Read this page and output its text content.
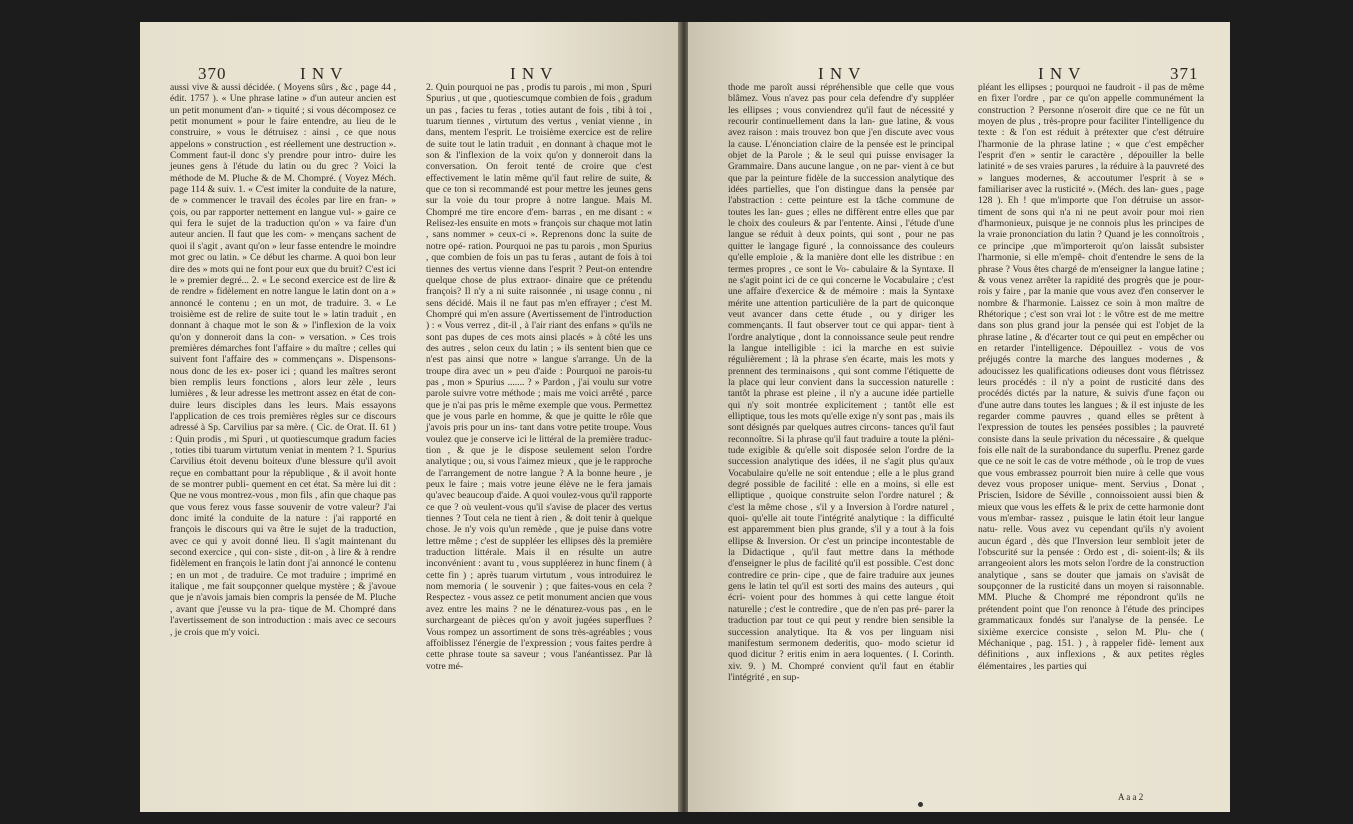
370	I N V	I N V

aussi vive & aussi décidée. ( Moyens sûrs , &c , page 44 , édit. 1757 ). « Une phrase latine » d'un auteur ancien est un petit monument d'an- » tiquité ; si vous décomposez ce petit monument » pour le faire entendre, au lieu de le construire, » vous le détruisez : ainsi , ce que nous appelons » construction , est réellement une destruction ». Comment faut-il donc s'y prendre pour intro- duire les jeunes gens à l'étude du latin ou du grec ? Voici la méthode de M. Pluche & de M. Chompré. ( Voyez Méch. page 114 & suiv. 1. « C'est imiter la conduite de la nature, de » commencer le travail des écoles par lire en fran- » çois, ou par rapporter nettement en langue vul- » gaire ce qui fera le sujet de la traduction qu'on » va faire d'un auteur ancien. Il faut que les com- » mençans sachent de quoi il s'agit , avant qu'on » leur fasse entendre le moindre mot grec ou latin. » Ce début les charme. A quoi bon leur dire des » mots qui ne font pour eux que du bruit? C'est ici le » premier degré... 2. « Le second exercice est de lire & de rendre » fidèlement en notre langue le latin dont on a » annoncé le contenu ; en un mot, de traduire. 3. « Le troisième est de relire de suite tout le » latin traduit , en donnant à chaque mot le son & » l'inflexion de la voix qu'on y donneroit dans la con- » versation. » Ces trois premières démarches font l'affaire » du maître ; celles qui suivent font l'affaire des » commençans ». Dispensons-nous donc de les ex- poser ici ; quand les maîtres seront bien remplis leurs fonctions , alors leur zèle , leurs lumières , & leur adresse les mettront assez en état de con- duire leurs disciples dans les leurs. Mais essayons l'application de ces trois premières règles sur ce discours adressé à Sp. Carvilius par sa mère. ( Cic. de Orat. II. 61 ) : Quin prodis , mi Spuri , ut quotiescumque gradum facies , toties tibi tuarum virtutum veniat in mentem ? 1. Spurius Carvilius étoit devenu boiteux d'une blessure qu'il avoit reçue en combattant pour la république , & il avoit honte de se montrer publi- quement en cet état. Sa mère lui dit : Que ne vous montrez-vous , mon fils , afin que chaque pas que vous ferez vous fasse souvenir de votre valeur? J'ai donc imité la conduite de la nature : j'ai rapporté en françois le discours qui va être le sujet de la traduction, avec ce qui y avoit donné lieu. Il s'agit maintenant du second exercice , qui con- siste , dit-on , à lire & à rendre fidèlement en françois le latin dont j'ai annoncé le contenu ; en un mot , de traduire. Ce mot traduire ; imprimé en italique , me fait soupçonner quelque mystère ; & j'avoue que je n'avois jamais bien compris la pensée de M. Pluche , avant que j'eusse vu la pra- tique de M. Chompré dans l'avertissement de son introduction : mais avec ce secours , je crois que m'y voici.

2. Quin pourquoi ne pas , prodis tu parois , mi mon , Spuri Spurius , ut que , quotiescumque combien de fois , gradum un pas , facies tu feras , toties autant de fois , tibi à toi , tuarum tiennes , virtutum des vertus , veniat vienne , in dans, mentem l'esprit. Le troisième exercice est de relire de suite tout le latin traduit , en donnant à chaque mot le son & l'inflexion de la voix qu'on y donneroit dans la conversation. On feroit tenté de croire que c'est effectivement le latin même qu'il faut relire de suite, & que ce ton si recommandé est pour mettre les jeunes gens sur la voie du tour propre à notre langue. Mais M. Chompré me tire encore d'em- barras , en me disant : « Relisez-les ensuite en mots » françois sur chaque mot latin , sans nommer » ceux-ci ». Reprenons donc la suite de notre opé- ration. Pourquoi ne pas tu parois , mon Spurius , que combien de fois un pas tu feras , autant de fois à toi tiennes des vertus vienne dans l'esprit ? Peut-on entendre quelque chose de plus extraor- dinaire que ce prétendu françois? Il n'y a ni suite raisonnée , ni usage connu , ni sens décidé. Mais il ne faut pas m'en effrayer ; c'est M. Chompré qui m'en assure (Avertissement de l'introduction ) : « Vous verrez , dit-il , à l'air riant des enfans » qu'ils ne sont pas dupes de ces mots ainsi placés » à côté les uns des autres , selon ceux du latin ; » ils sentent bien que ce n'est pas ainsi que notre » langue s'arrange. Un de la troupe dira avec un » peu d'aide : Pourquoi ne parois-tu pas , mon » Spurius ....... ? » Pardon , j'ai voulu sur votre parole suivre votre méthode ; mais me voici arrêté , parce que je n'ai pas pris le même exemple que vous. Permettez que je vous parle en homme, & que je quitte le rôle que j'avois pris pour un ins- tant dans votre petite troupe. Vous voulez que je conserve ici le littéral de la première traduc- tion , & que je le dispose seulement selon l'ordre analytique ; ou, si vous l'aimez mieux , que je le rapproche de l'arrangement de notre langue ? A la bonne heure , je peux le faire ; mais votre jeune élève ne le fera jamais qu'avec beaucoup d'aide. A quoi voulez-vous qu'il rapporte ce que ? où veulent-vous qu'il s'avise de placer des vertus tiennes ? Tout cela ne tient à rien , & doit tenir à quelque chose. Je n'y vois qu'un remède , que je puise dans votre lettre même ; c'est de suppléer les ellipses dès la première traduction littérale. Mais il en résulte un autre inconvénient : avant tu , vous suppléerez in hunc finem ( à cette fin ) ; après tuarum virtutum , vous introduirez le nom memoria ( le souvenir ) ; que faites-vous en cela ? Respectez - vous assez ce petit monument ancien que vous avez entre les mains ? ne le dénaturez-vous pas , en le surchargeant de pièces qu'on y avoit jugées superflues ? Vous rompez un assortiment de sons très-agréables ; vous affoiblissez l'énergie de l'expression ; vous faites perdre à cette phrase toute sa saveur ; vous l'anéantissez. Par là votre mé-

I N V	I N V	371

thode me paroît aussi répréhensible que celle que vous blâmez. Vous n'avez pas pour cela defendre d'y suppléer les ellipses ; vous conviendrez qu'il faut de nécessité y recourir continuellement dans la lan- gue latine, & vous avez raison : mais trouvez bon que j'en discute avec vous la cause. L'énonciation claire de la pensée est le principal objet de la Parole ; & le seul qui puisse envisager la Grammaire. Dans aucune langue , on ne par- vient à ce but que par la peinture fidèle de la succession analytique des idées partielles, que l'on distingue dans la pensée par l'abstraction : cette peinture est la tâche commune de toutes les lan- gues ; elles ne diffèrent entre elles que par le choix des couleurs & par l'entente. Ainsi , l'étude d'une langue se réduit à deux points, qui sont , pour ne pas quitter le langage figuré , la connoissance des couleurs qu'elle emploie , & la manière dont elle les distribue : en termes propres , ce sont le Vo- cabulaire & la Syntaxe. Il ne s'agit point ici de ce qui concerne le Vocabulaire ; c'est une affaire d'exercice & de mémoire : mais la Syntaxe mérite une attention particulière de la part de quiconque veut avancer dans cette étude , ou y diriger les commençants. Il faut observer tout ce qui appar- tient à l'ordre analytique , dont la connoissance seule peut rendre la langue intelligible : ici la marche en est suivie régulièrement ; là la phrase s'en écarte, mais les mots y prennent des terminaisons , qui sont comme l'étiquette de la place qui leur convient dans la succession naturelle : tantôt la phrase est pleine , il n'y a aucune idée partielle qui n'y soit montrée explicitement ; tantôt elle est elliptique, tous les mots qu'elle exige n'y sont pas , mais ils sont désignés par quelques autres circons- tances qu'il faut reconnoître. Si la phrase qu'il faut traduire a toute la pléni- tude exigible & qu'elle soit disposée selon l'ordre de la succession analytique des idées, il ne s'agit plus qu'aux Vocabulaire qu'elle ne soit entendue ; elle a le plus grand degré possible de facilité : elle en a moins, si elle est elliptique , quoique construite selon l'ordre naturel ; & c'est la même chose , s'il y a Inversion à l'ordre naturel , quoi- qu'elle ait toute l'intégrité analytique : la difficulté est apparemment bien plus grande, s'il y a tout à la fois ellipse & Inversion. Or c'est un principe incontestable de la Didactique , qu'il faut mettre dans la méthode d'enseigner le plus de facilité qu'il est possible. C'est donc contredire ce prin- cipe , que de faire traduire aux jeunes gens le latin tel qu'il est sorti des mains des auteurs , qui écri- voient pour des hommes à qui cette langue étoit naturelle ; c'est le contredire , que de n'en pas pré- parer la traduction par tout ce qui peut y rendre bien sensible la succession analytique. Ita & vos per linguam nisi manifestum sermonem dederitis, quo- modo scietur id quod dicitur ? eritis enim in aera loquentes. ( I. Corinth. xiv. 9. ) M. Chompré convient qu'il faut en établir l'intégrité , en sup-

pléant les ellipses ; pourquoi ne faudroit - il pas de même en fixer l'ordre , par ce qu'on appelle communément la construction ? Personne n'oseroit dire que ce ne fût un moyen de plus , très-propre pour faciliter l'intelligence du texte : & l'on est réduit à prétexter que c'est détruire l'harmonie de la phrase latine ; « que c'est empêcher l'esprit d'en » sentir le caractère , dépouiller la belle latinité » de ses vraies parures , la réduire à la pauvreté des » langues modernes, & accoutumer l'esprit à se » familiariser avec la rusticité ». (Méch. des lan- gues , page 128 ). Eh ! que m'importe que l'on détruise un assor- timent de sons qui n'a ni ne peut avoir pour moi rien d'harmonieux, puisque je ne connois plus les principes de la vraie prononciation du latin ? Quand je les connoîtrois , ce principe ,que m'importeroit qu'on laissât subsister l'harmonie, si elle m'empê- choit d'entendre le sens de la phrase ? Vous êtes chargé de m'enseigner la langue latine ; & vous venez arrêter la rapidité des progrès que je pour- rois y faire , par la manie que vous avez d'en conserver le nombre & l'harmonie. Laissez ce soin à mon maître de Rhétorique ; c'est son vrai lot : le vôtre est de me mettre dans son plus grand jour la pensée qui est l'objet de la phrase latine , & d'écarter tout ce qui peut en empêcher ou en retarder l'intelligence. Dépouillez - vous de vos préjugés contre la marche des langues modernes , & adoucissez les qualifications odieuses dont vous flétrissez leurs procédés : il n'y a point de rusticité dans des procédés dictés par la nature, & suivis d'une façon ou d'une autre dans toutes les langues ; & il est injuste de les regarder comme pauvres , quand elles se prêtent à l'expression de toutes les pensées possibles ; la pauvreté consiste dans la seule privation du nécessaire , & quelque fois elle naît de la surabondance du superflu. Prenez garde que ce ne soit le cas de votre méthode , où le trop de vues que vous embrassez pourroit bien nuire à celle que vous devez vous proposer unique- ment. Servius , Donat , Priscien, Isidore de Séville , connoissoient aussi bien & mieux que vous les effets & le prix de cette harmonie dont vous m'embar- rassez , puisque le latin étoit leur langue natu- relle. Vous avez vu cependant qu'ils n'y avoient aucun égard , dès que l'Inversion leur sembloit jeter de l'obscurité sur la pensée : Ordo est , di- soient-ils; & ils arrangeoient alors les mots selon l'ordre de la construction analytique , sans se douter que jamais on s'avisât de soupçonner de la rusticité dans un moyen si raisonnable. MM. Pluche & Chompré me répondront qu'ils ne prétendent point que l'on renonce à l'étude des principes grammaticaux fondés sur l'analyse de la pensée. Le sixième exercice consiste , selon M. Plu- che ( Méchanique , pag. 151. ) , à rappeler fidè- lement aux définitions , aux inflexions , & aux petites règles élémentaires , les parties qui

A a a 2
